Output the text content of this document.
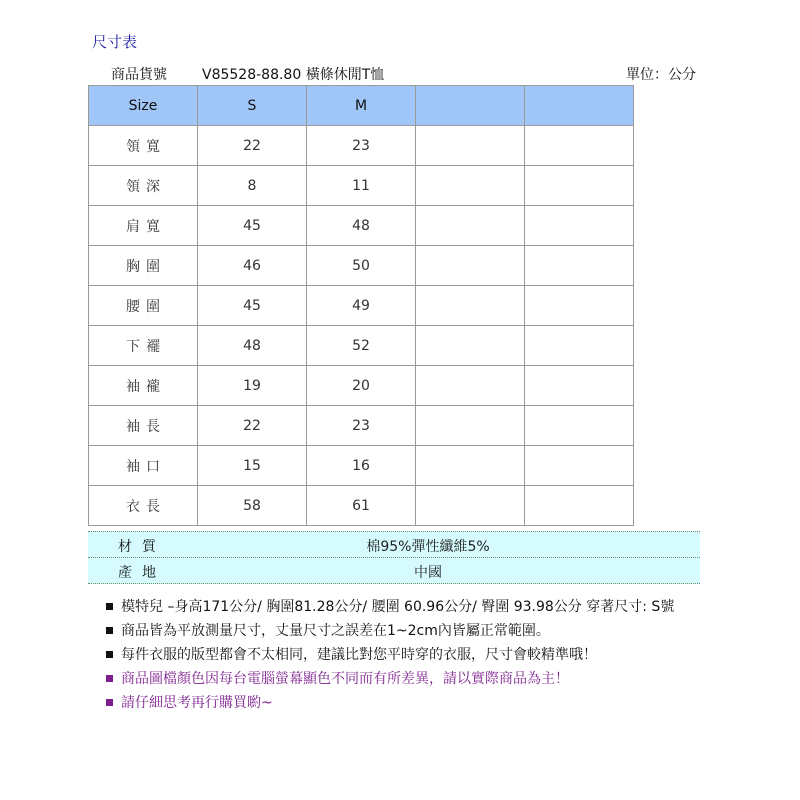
尺寸表
商品貨號	V85528-88.80 橫條休閒T恤	單位：公分
Size	S	M		
領寬	22	23		
領深	8	11		
肩寬	45	48		
胸圍	46	50		
腰圍	45	49		
下襬	48	52		
袖襱	19	20		
袖長	22	23		
袖口	15	16		
衣長	58	61		
材質	棉95%彈性纖維5%
產地	中國
模特兒 –身高171公分/ 胸圍81.28公分/ 腰圍 60.96公分/ 臀圍 93.98公分 穿著尺寸: S號
商品皆為平放測量尺寸，丈量尺寸之誤差在1~2cm內皆屬正常範圍。
每件衣服的版型都會不太相同，建議比對您平時穿的衣服，尺寸會較精準哦！
商品圖檔顏色因每台電腦螢幕顯色不同而有所差異，請以實際商品為主！
請仔細思考再行購買喲~
